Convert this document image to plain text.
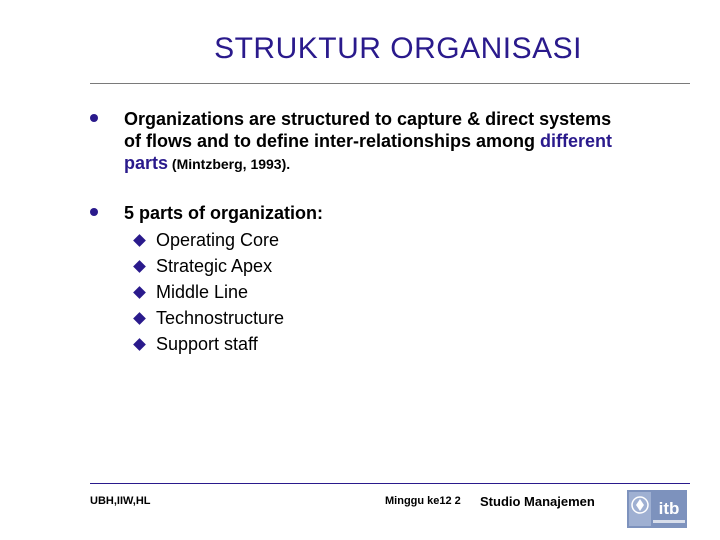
STRUKTUR ORGANISASI
Organizations are structured to capture & direct systems
of flows and to define inter-relationships among different
parts (Mintzberg, 1993).
5 parts of organization:
Operating Core
Strategic Apex
Middle Line
Technostructure
Support staff
UBH,IIW,HL	Minggu ke12 2 Studio Manajemen	itb
